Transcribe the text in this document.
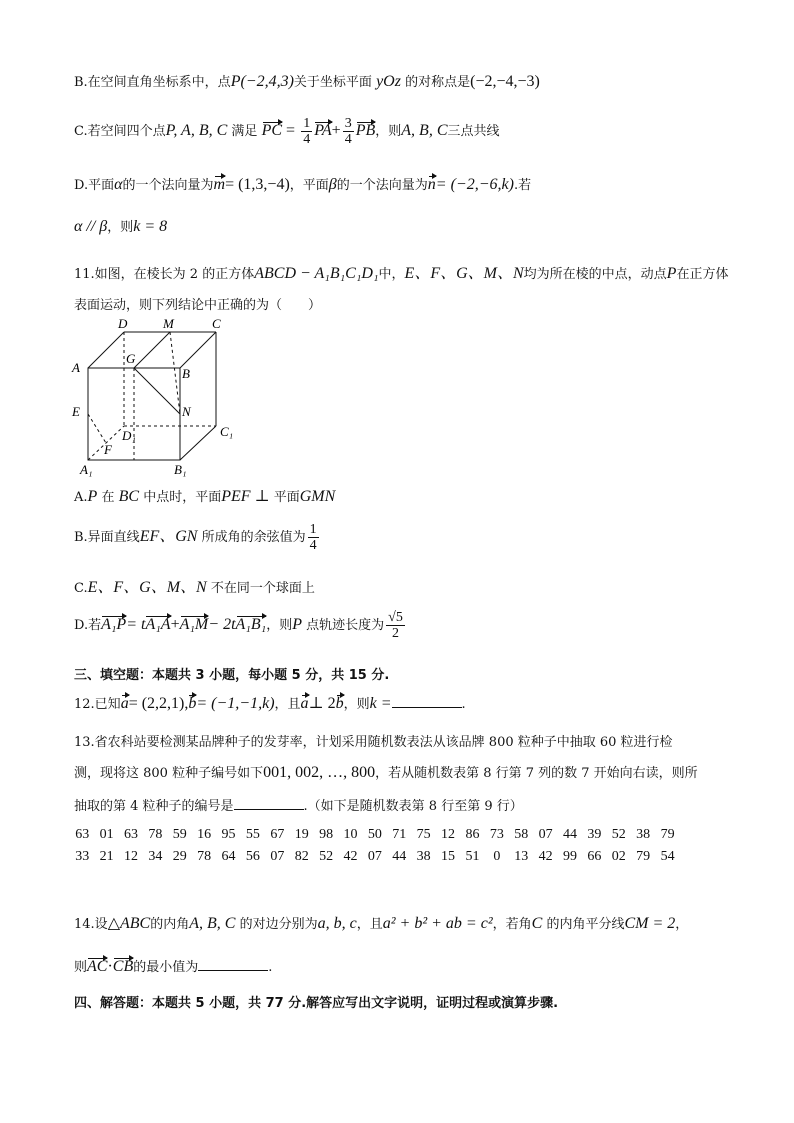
B.在空间直角坐标系中，点P(−2,4,3)关于坐标平面 yOz 的对称点是(−2,−4,−3)
C.若空间四个点P, A, B, C 满足 PC = $\frac{1}{4} PA+ \frac{3}{4}$ PB，则A, B, C三点共线
D.平面α的一个法向量为m= (1,3,−4)，平面β的一个法向量为n= (−2,−6,k).若
α // β，则k = 8
11.如图，在棱长为 2 的正方体ABCD − A₁B₁C₁D₁中，E、F、G、M、N均为所在棱的中点，动点P在正方体
表面运动，则下列结论中正确的为（　　）
D	M	C
G
A	B
N
E
D₁	C₁
F
A₁	B₁
A.P 在 BC 中点时，平面PEF ⊥ 平面GMN
B.异面直线EF、GN 所成角的余弦值为 $\frac{1}{4}$
C.E、F、G、M、N 不在同一个球面上
D.若A₁P= tA₁A+A₁M− 2tA₁B₁，则P 点轨迹长度为 $\frac{√5}{2}$
三、填空题：本题共 3 小题，每小题 5 分，共 15 分.
12.已知a= (2,2,1),b= (−1,−1,k)，且a⊥ 2b，则k =	.
13.省农科站要检测某品牌种子的发芽率，计划采用随机数表法从该品牌 800 粒种子中抽取 60 粒进行检
测，现将这 800 粒种子编号如下001, 002, …, 800，若从随机数表第 8 行第 7 列的数 7 开始向右读，则所
抽取的第 4 粒种子的编号是	.（如下是随机数表第 8 行至第 9 行）
63	01	63	78	59	16	95	55	67	19	98	10	50	71	75	12	86	73	58	07	44	39	52	38	79
33	21	12	34	29	78	64	56	07	82	52	42	07	44	38	15	51	0	13	42	99	66	02	79	54
14.设△ABC的内角A, B, C 的对边分别为a, b, c，且a² + b² + ab = c²，若角C 的内角平分线CM = 2，
则AC·CB的最小值为	.
四、解答题：本题共 5 小题，共 77 分.解答应写出文字说明，证明过程或演算步骤.
